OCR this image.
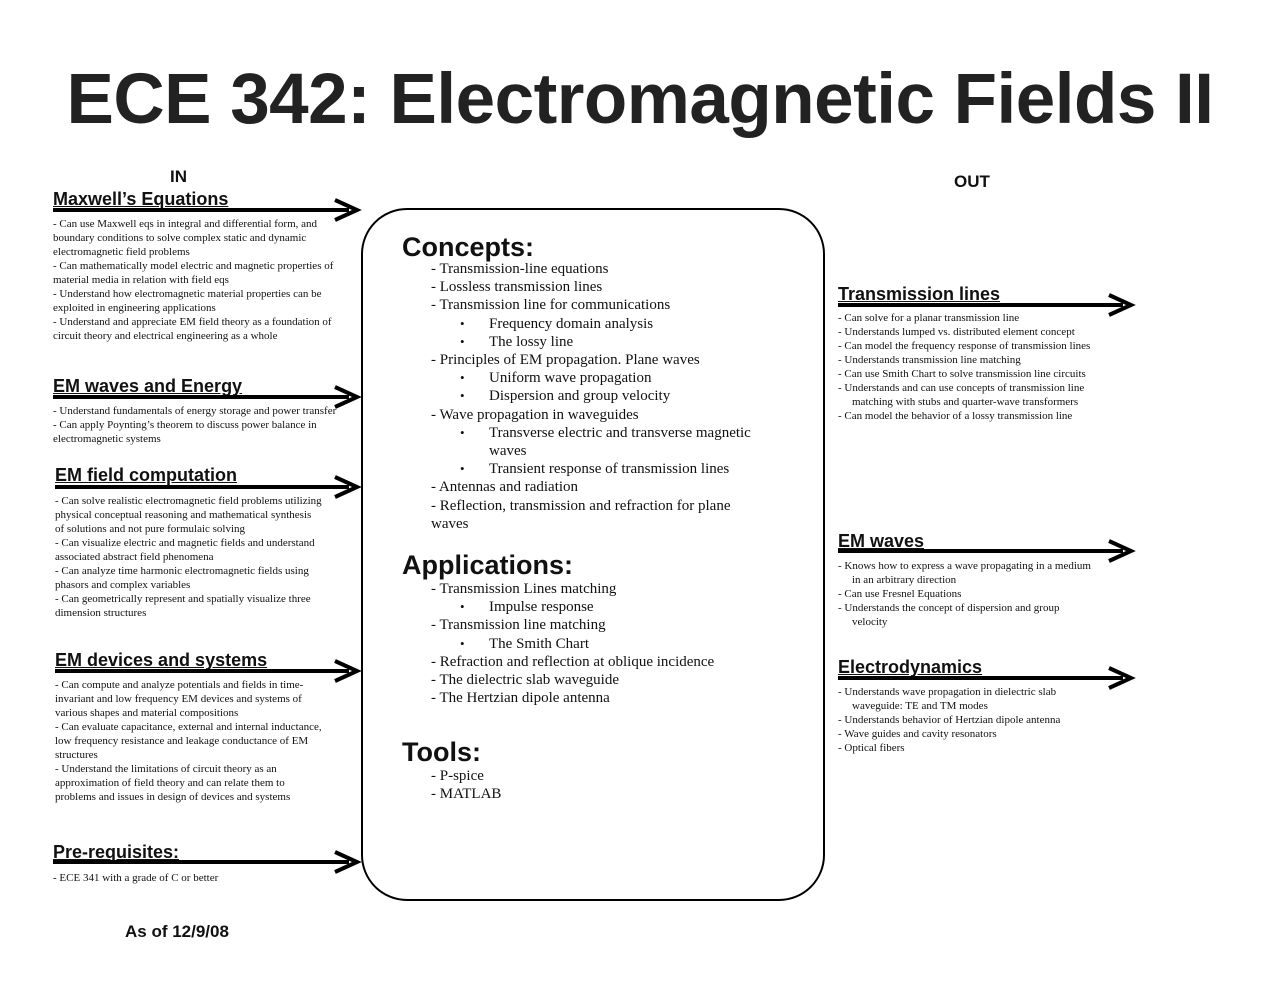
ECE 342: Electromagnetic Fields II
IN	OUT
Maxwell’s Equations
- Can use Maxwell eqs in integral and differential form, and boundary conditions to solve complex static and dynamic electromagnetic field problems
- Can mathematically model electric and magnetic properties of material media in relation with field eqs
- Understand how electromagnetic material properties can be exploited in engineering applications
- Understand and appreciate EM field theory as a foundation of circuit theory and electrical engineering as a whole
EM waves and Energy
- Understand fundamentals of energy storage and power transfer
- Can apply Poynting’s theorem to discuss power balance in electromagnetic systems
EM field computation
- Can solve realistic electromagnetic field problems utilizing physical conceptual reasoning and mathematical synthesis of solutions and not pure formulaic solving
- Can visualize electric and magnetic fields and understand associated abstract field phenomena
- Can analyze time harmonic electromagnetic fields using phasors and complex variables
- Can geometrically represent and spatially visualize three dimension structures
EM devices and systems
- Can compute and analyze potentials and fields in time-invariant and low frequency EM devices and systems of various shapes and material compositions
- Can evaluate capacitance, external and internal inductance, low frequency resistance and leakage conductance of EM structures
- Understand the limitations of circuit theory as an approximation of field theory and can relate them to problems and issues in design of devices and systems
Pre-requisites:
- ECE 341 with a grade of C or better
Concepts:
- Transmission-line equations
- Lossless transmission lines
- Transmission line for communications
• Frequency domain analysis
• The lossy line
- Principles of EM propagation. Plane waves
• Uniform wave propagation
• Dispersion and group velocity
- Wave propagation in waveguides
• Transverse electric and transverse magnetic waves
• Transient response of transmission lines
- Antennas and radiation
- Reflection, transmission and refraction for plane waves
Applications:
- Transmission Lines matching
• Impulse response
- Transmission line matching
• The Smith Chart
- Refraction and reflection at oblique incidence
- The dielectric slab waveguide
- The Hertzian dipole antenna
Tools:
- P-spice
- MATLAB
Transmission lines
- Can solve for a planar transmission line
- Understands lumped vs. distributed element concept
- Can model the frequency response of transmission lines
- Understands transmission line matching
- Can use Smith Chart to solve transmission line circuits
- Understands and can use concepts of transmission line matching with stubs and quarter-wave transformers
- Can model the behavior of a lossy transmission line
EM waves
- Knows how to express a wave propagating in a medium in an arbitrary direction
- Can use Fresnel Equations
- Understands the concept of dispersion and group velocity
Electrodynamics
- Understands wave propagation in dielectric slab waveguide: TE and TM modes
- Understands behavior of Hertzian dipole antenna
- Wave guides and cavity resonators
- Optical fibers
As of 12/9/08
